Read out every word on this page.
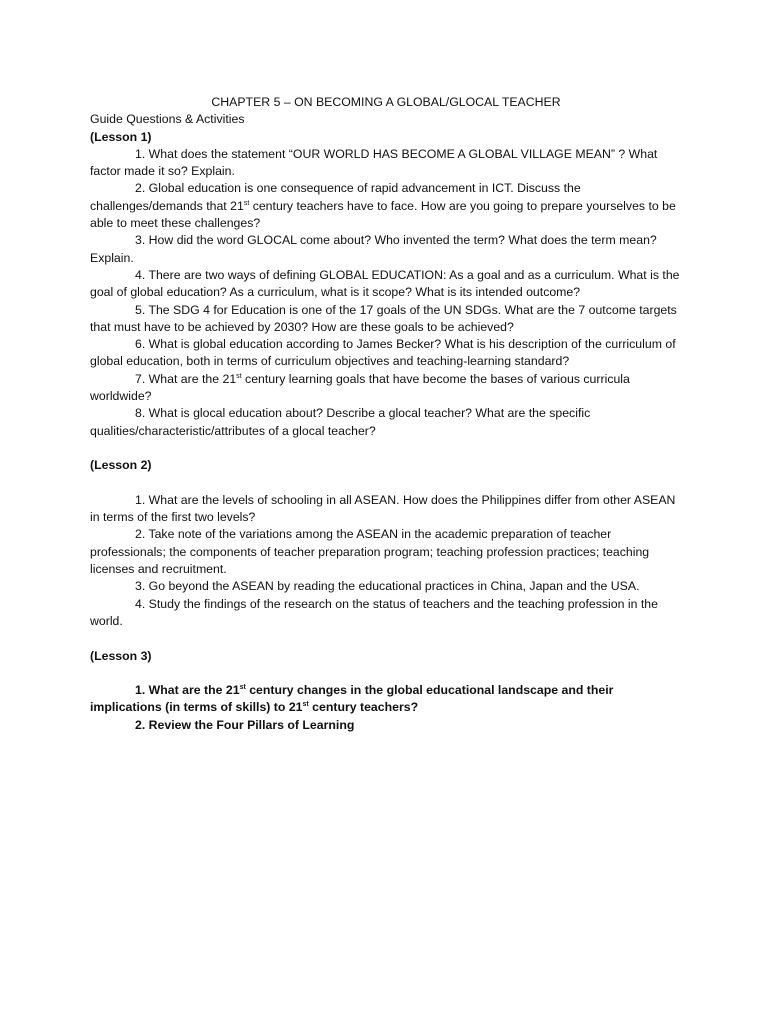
CHAPTER 5 – ON BECOMING A GLOBAL/GLOCAL TEACHER

Guide Questions & Activities

(Lesson 1)

1. What does the statement “OUR WORLD HAS BECOME A GLOBAL VILLAGE MEAN” ? What factor made it so? Explain.

2. Global education is one consequence of rapid advancement in ICT. Discuss the challenges/demands that 21st century teachers have to face. How are you going to prepare yourselves to be able to meet these challenges?

3. How did the word GLOCAL come about? Who invented the term? What does the term mean? Explain.

4. There are two ways of defining GLOBAL EDUCATION: As a goal and as a curriculum. What is the goal of global education? As a curriculum, what is it scope? What is its intended outcome?

5. The SDG 4 for Education is one of the 17 goals of the UN SDGs. What are the 7 outcome targets that must have to be achieved by 2030? How are these goals to be achieved?

6. What is global education according to James Becker? What is his description of the curriculum of global education, both in terms of curriculum objectives and teaching-learning standard?

7. What are the 21st century learning goals that have become the bases of various curricula worldwide?

8. What is glocal education about? Describe a glocal teacher? What are the specific qualities/characteristic/attributes of a glocal teacher?

(Lesson 2)

1. What are the levels of schooling in all ASEAN. How does the Philippines differ from other ASEAN in terms of the first two levels?

2. Take note of the variations among the ASEAN in the academic preparation of teacher professionals; the components of teacher preparation program; teaching profession practices; teaching licenses and recruitment.

3. Go beyond the ASEAN by reading the educational practices in China, Japan and the USA.

4. Study the findings of the research on the status of teachers and the teaching profession in the world.

(Lesson 3)

1. What are the 21st century changes in the global educational landscape and their implications (in terms of skills) to 21st century teachers?

2. Review the Four Pillars of Learning
